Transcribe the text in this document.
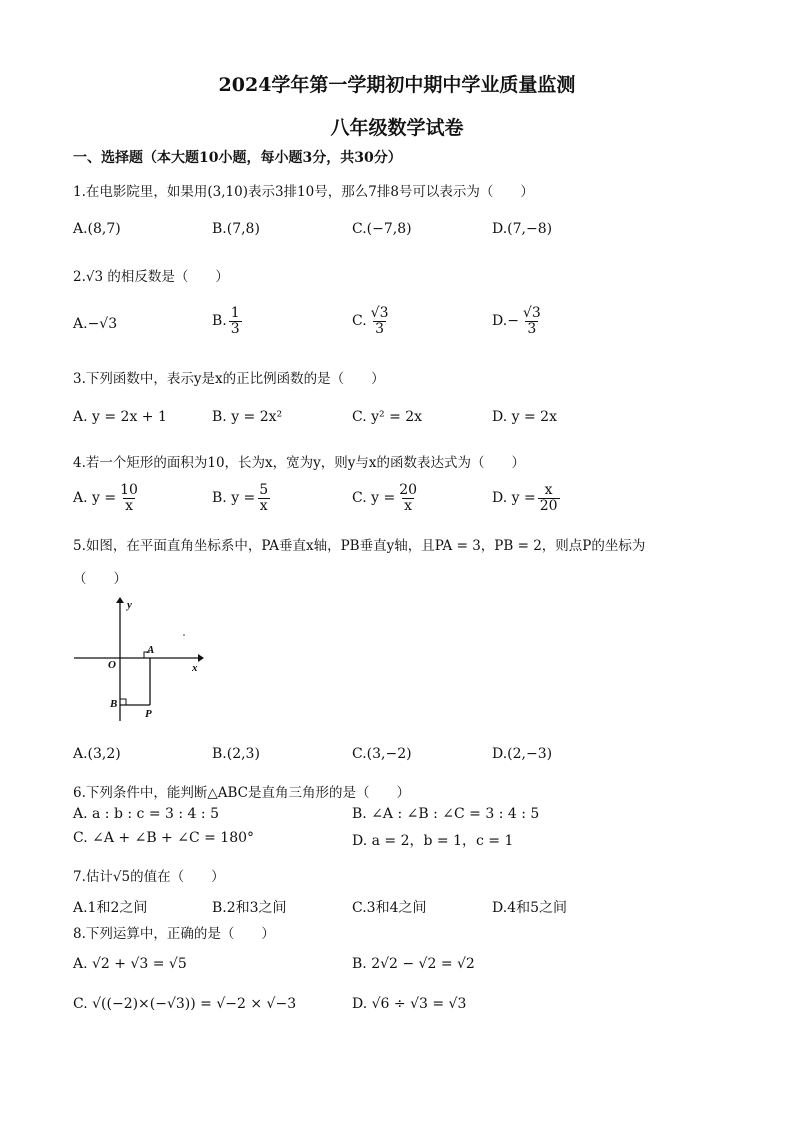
2024学年第一学期初中期中学业质量监测
八年级数学试卷
一、选择题（本大题10小题，每小题3分，共30分）
1.在电影院里，如果用(3,10)表示3排10号，那么7排8号可以表示为（　　）
A.(8,7)	B.(7,8)	C.(−7,8)	D.(7,−8)
2.√3 的相反数是（　　）
A.−√3	B. $\frac{1}{3}$	C. $\frac{√3}{3}$	$D.- \frac{√3}{3}$
3.下列函数中，表示y是x的正比例函数的是（　　）
A. y = 2x + 1	B. y = 2x²	C. y² = 2x	D. y = 2x
4.若一个矩形的面积为10，长为x，宽为y，则y与x的函数表达式为（　　）
A. $y = \frac{10}{x}$	B. $y = \frac{5}{x}$	C. $y = \frac{20}{x}$	D. $y = \frac{x}{20}$
5.如图，在平面直角坐标系中，PA垂直x轴，PB垂直y轴，且PA = 3，PB = 2，则点P的坐标为
（　　）
y
x
O
A
B
P
A.(3,2)	B.(2,3)	C.(3,−2)	D.(2,−3)
6.下列条件中，能判断△ABC是直角三角形的是（　　）
A. a : b : c = 3 : 4 : 5	B. ∠A : ∠B : ∠C = 3 : 4 : 5
C. ∠A + ∠B + ∠C = 180°	D. a = 2，b = 1，c = 1
7.估计√5的值在（　　）
A.1和2之间	B.2和3之间	C.3和4之间	D.4和5之间
8.下列运算中，正确的是（　　）
A. √2 + √3 = √5	B. 2√2 − √2 = √2
C. √((−2)×(−√3)) = √−2 × √−3	D. √6 ÷ √3 = √3
